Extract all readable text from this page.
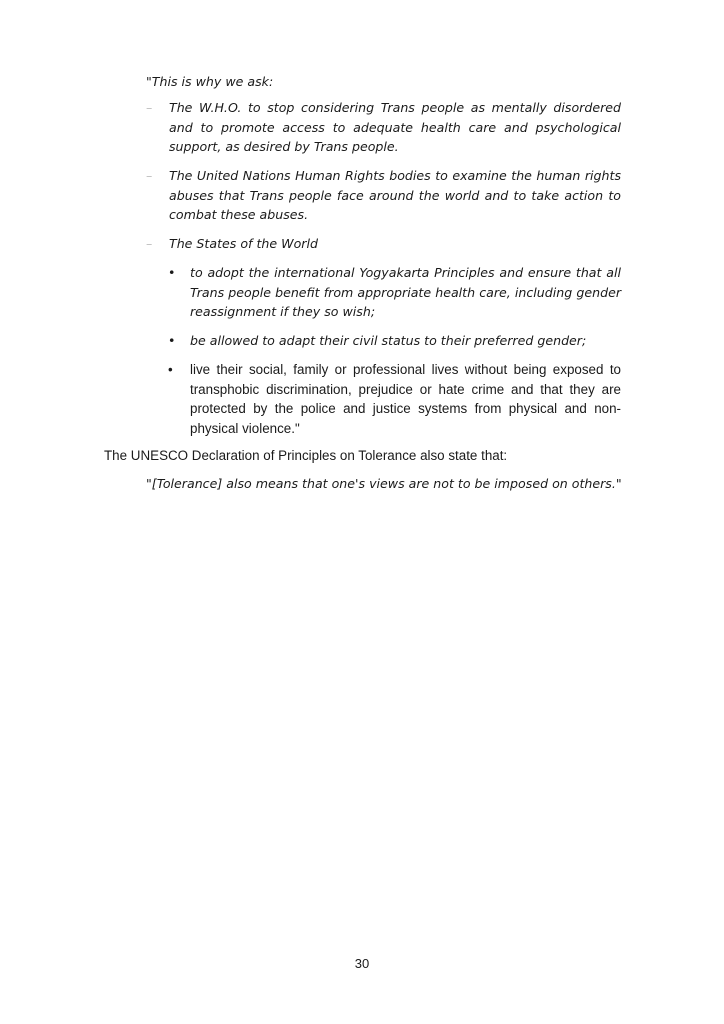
"This is why we ask:
– The W.H.O. to stop considering Trans people as mentally disordered and to promote access to adequate health care and psychological support, as desired by Trans people.
– The United Nations Human Rights bodies to examine the human rights abuses that Trans people face around the world and to take action to combat these abuses.
– The States of the World
• to adopt the international Yogyakarta Principles and ensure that all Trans people benefit from appropriate health care, including gender reassignment if they so wish;
• be allowed to adapt their civil status to their preferred gender;
• live their social, family or professional lives without being exposed to transphobic discrimination, prejudice or hate crime and that they are protected by the police and justice systems from physical and non-physical violence."
The UNESCO Declaration of Principles on Tolerance also state that:
"[Tolerance] also means that one's views are not to be imposed on others."
30
